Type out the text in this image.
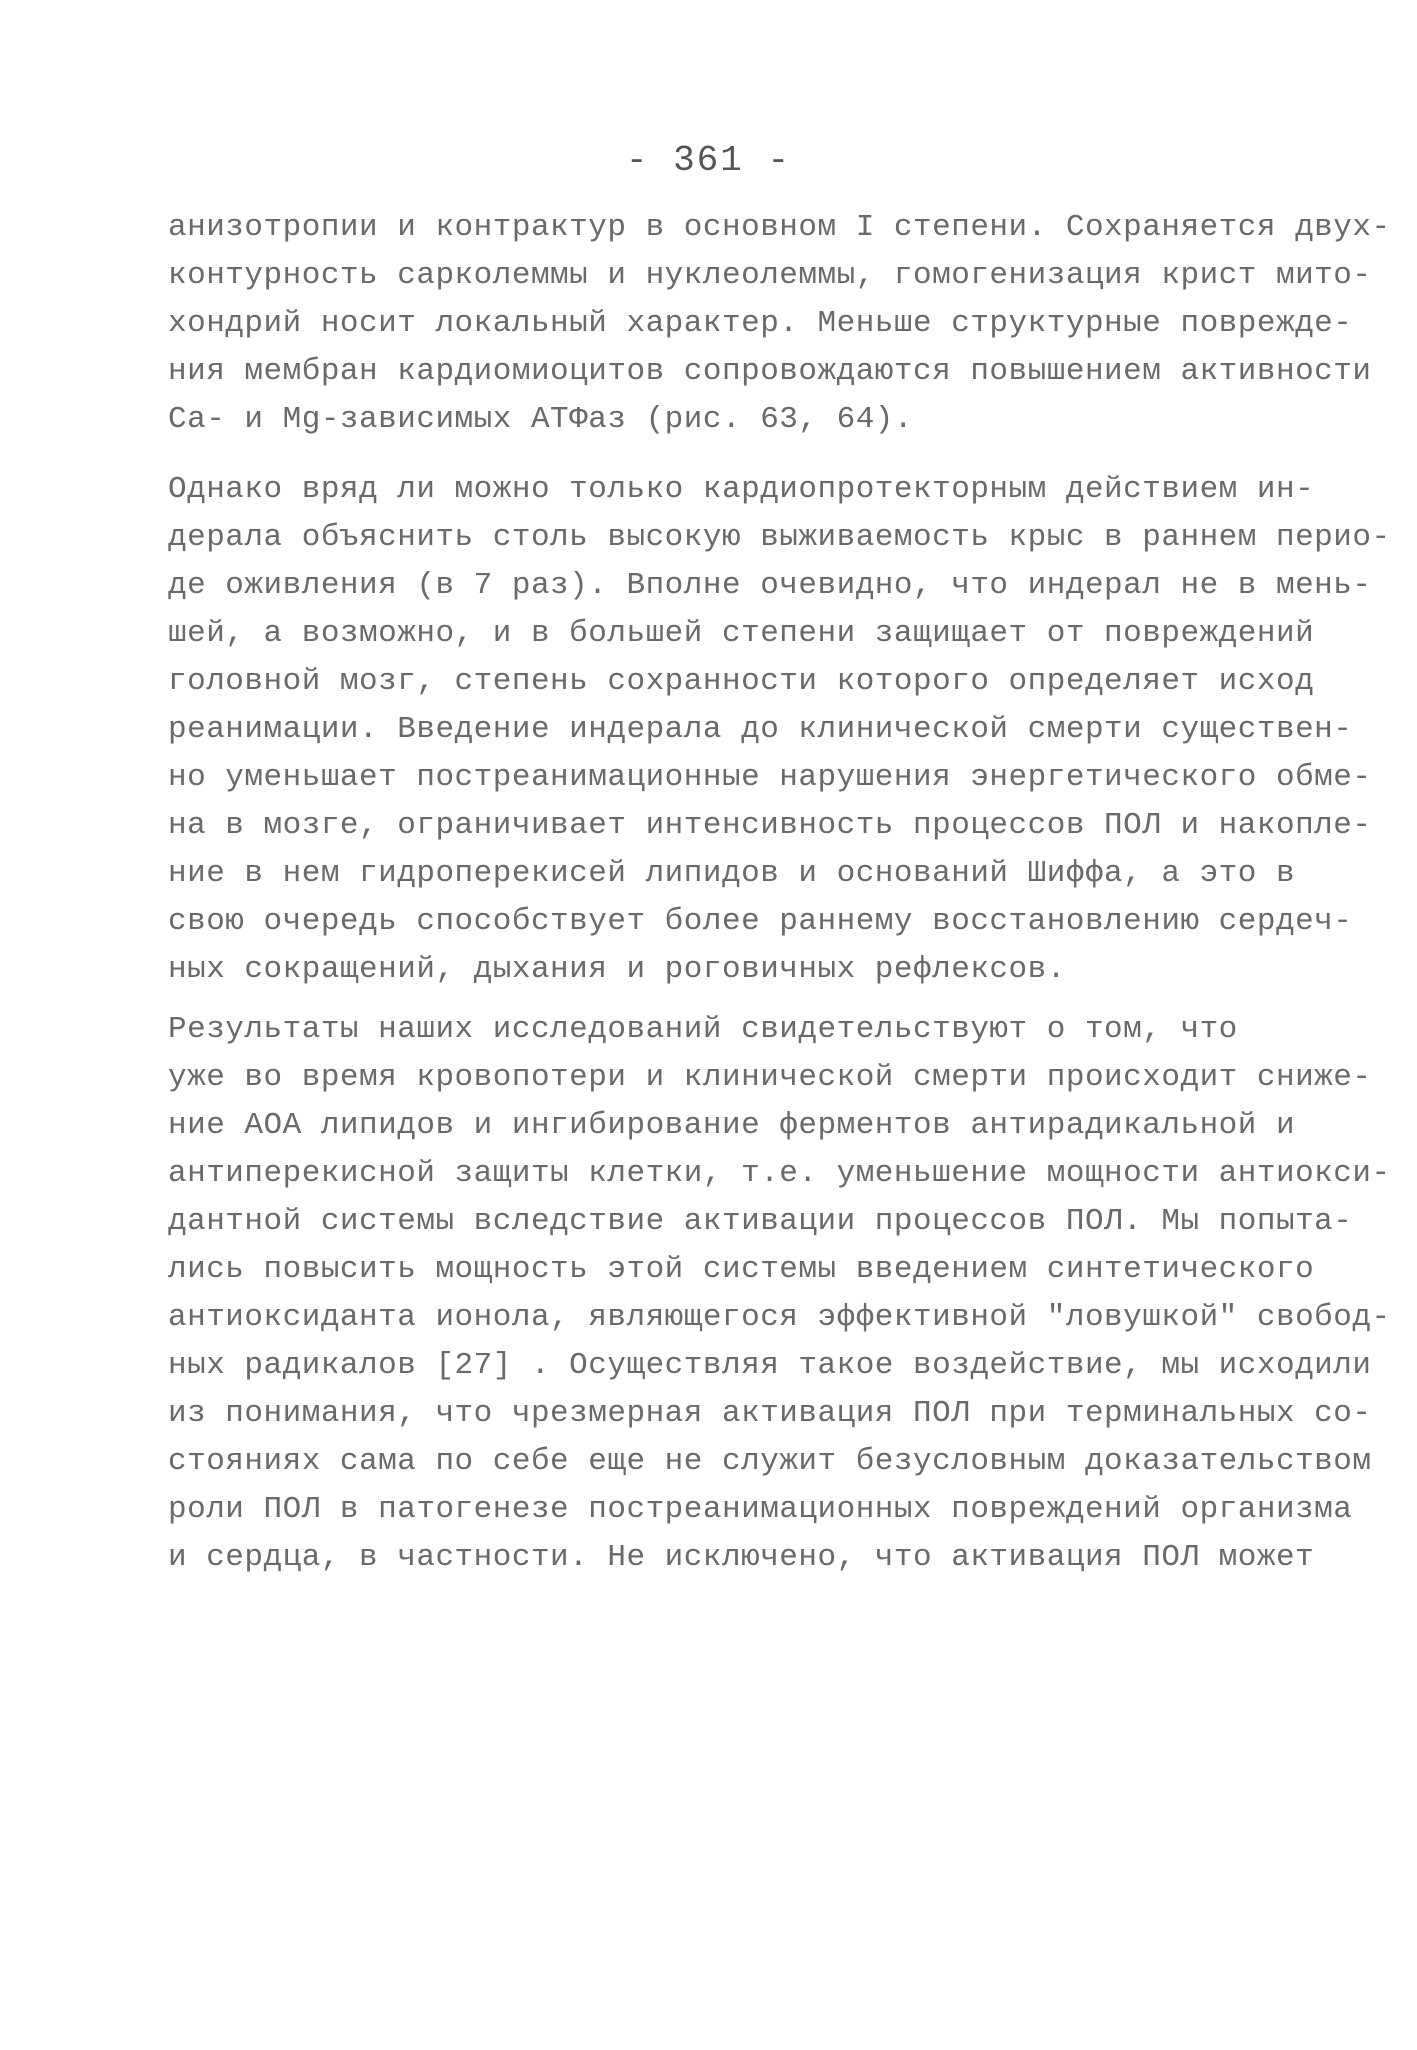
- 361 -
анизотропии и контрактур в основном I степени. Сохраняется двух-
контурность сарколеммы и нуклеолеммы, гомогенизация крист мито-
хондрий носит локальный характер. Меньше структурные поврежде-
ния мембран кардиомиоцитов сопровождаются повышением активности
Ca- и Mg-зависимых АТФаз (рис. 63, 64).
Однако вряд ли можно только кардиопротекторным действием ин-
дерала объяснить столь высокую выживаемость крыс в раннем перио-
де оживления (в 7 раз). Вполне очевидно, что индерал не в мень-
шей, а возможно, и в большей степени защищает от повреждений
головной мозг, степень сохранности которого определяет исход
реанимации. Введение индерала до клинической смерти существен-
но уменьшает постреанимационные нарушения энергетического обме-
на в мозге, ограничивает интенсивность процессов ПОЛ и накопле-
ние в нем гидроперекисей липидов и оснований Шиффа, а это в
свою очередь способствует более раннему восстановлению сердеч-
ных сокращений, дыхания и роговичных рефлексов.
Результаты наших исследований свидетельствуют о том, что
уже во время кровопотери и клинической смерти происходит сниже-
ние АОА липидов и ингибирование ферментов антирадикальной и
антиперекисной защиты клетки, т.е. уменьшение мощности антиокси-
дантной системы вследствие активации процессов ПОЛ. Мы попыта-
лись повысить мощность этой системы введением синтетического
антиоксиданта ионола, являющегося эффективной "ловушкой" свобод-
ных радикалов [27] . Осуществляя такое воздействие, мы исходили
из понимания, что чрезмерная активация ПОЛ при терминальных со-
стояниях сама по себе еще не служит безусловным доказательством
роли ПОЛ в патогенезе постреанимационных повреждений организма
и сердца, в частности. Не исключено, что активация ПОЛ может
